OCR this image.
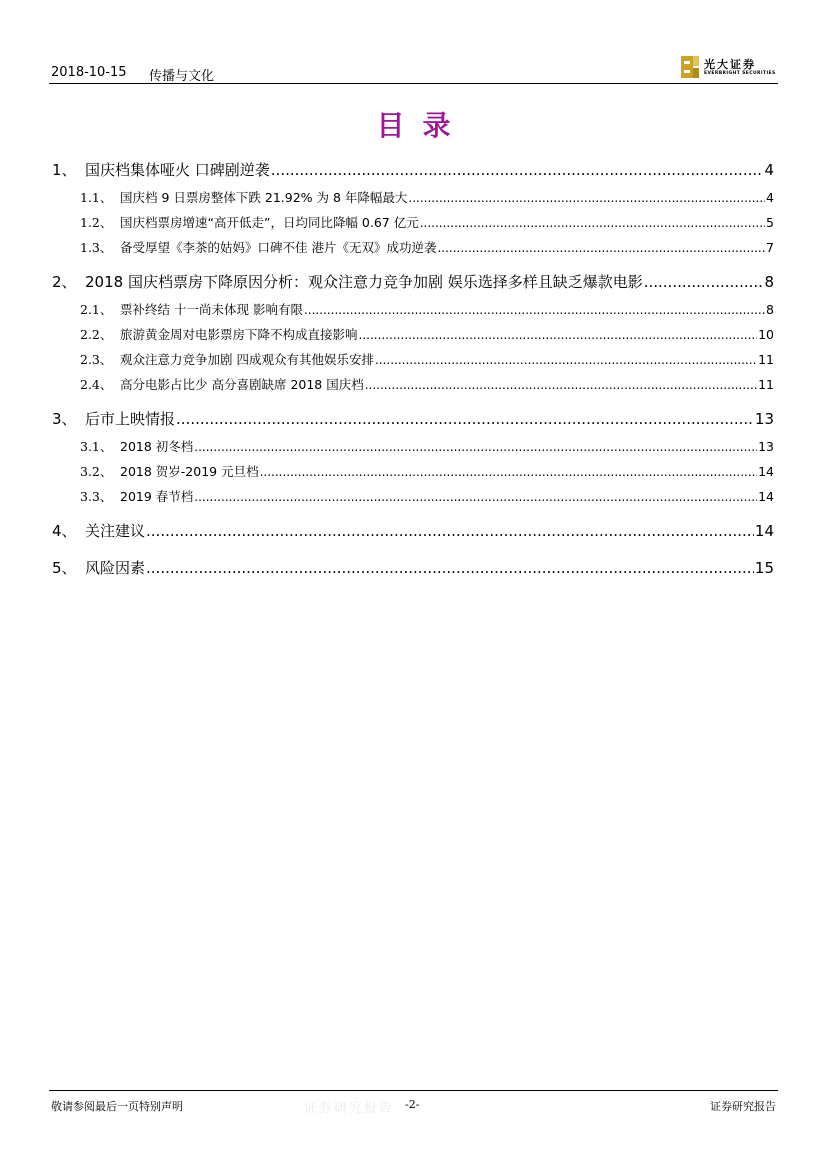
2018-10-15 传播与文化
光大证券
EVERBRIGHT SECURITIES
目录
1、 国庆档集体哑火 口碑剧逆袭 .....	4
1.1、 国庆档 9 日票房整体下跌 21.92% 为 8 年降幅最大 .....	4
1.2、 国庆档票房增速“高开低走”，日均同比降幅 0.67 亿元 .....	5
1.3、 备受厚望《李茶的姑妈》口碑不佳 港片《无双》成功逆袭 .....	7
2、 2018 国庆档票房下降原因分析：观众注意力竞争加剧 娱乐选择多样且缺乏爆款电影 .....	8
2.1、 票补终结 十一尚未体现 影响有限 .....	8
2.2、 旅游黄金周对电影票房下降不构成直接影响 .....	10
2.3、 观众注意力竞争加剧 四成观众有其他娱乐安排 .....	11
2.4、 高分电影占比少 高分喜剧缺席 2018 国庆档 .....	11
3、 后市上映情报 .....	13
3.1、 2018 初冬档 .....	13
3.2、 2018 贺岁-2019 元旦档 .....	14
3.3、 2019 春节档 .....	14
4、 关注建议 .....	14
5、 风险因素 .....	15
敬请参阅最后一页特别声明	证券研究报告 -2-	证券研究报告
